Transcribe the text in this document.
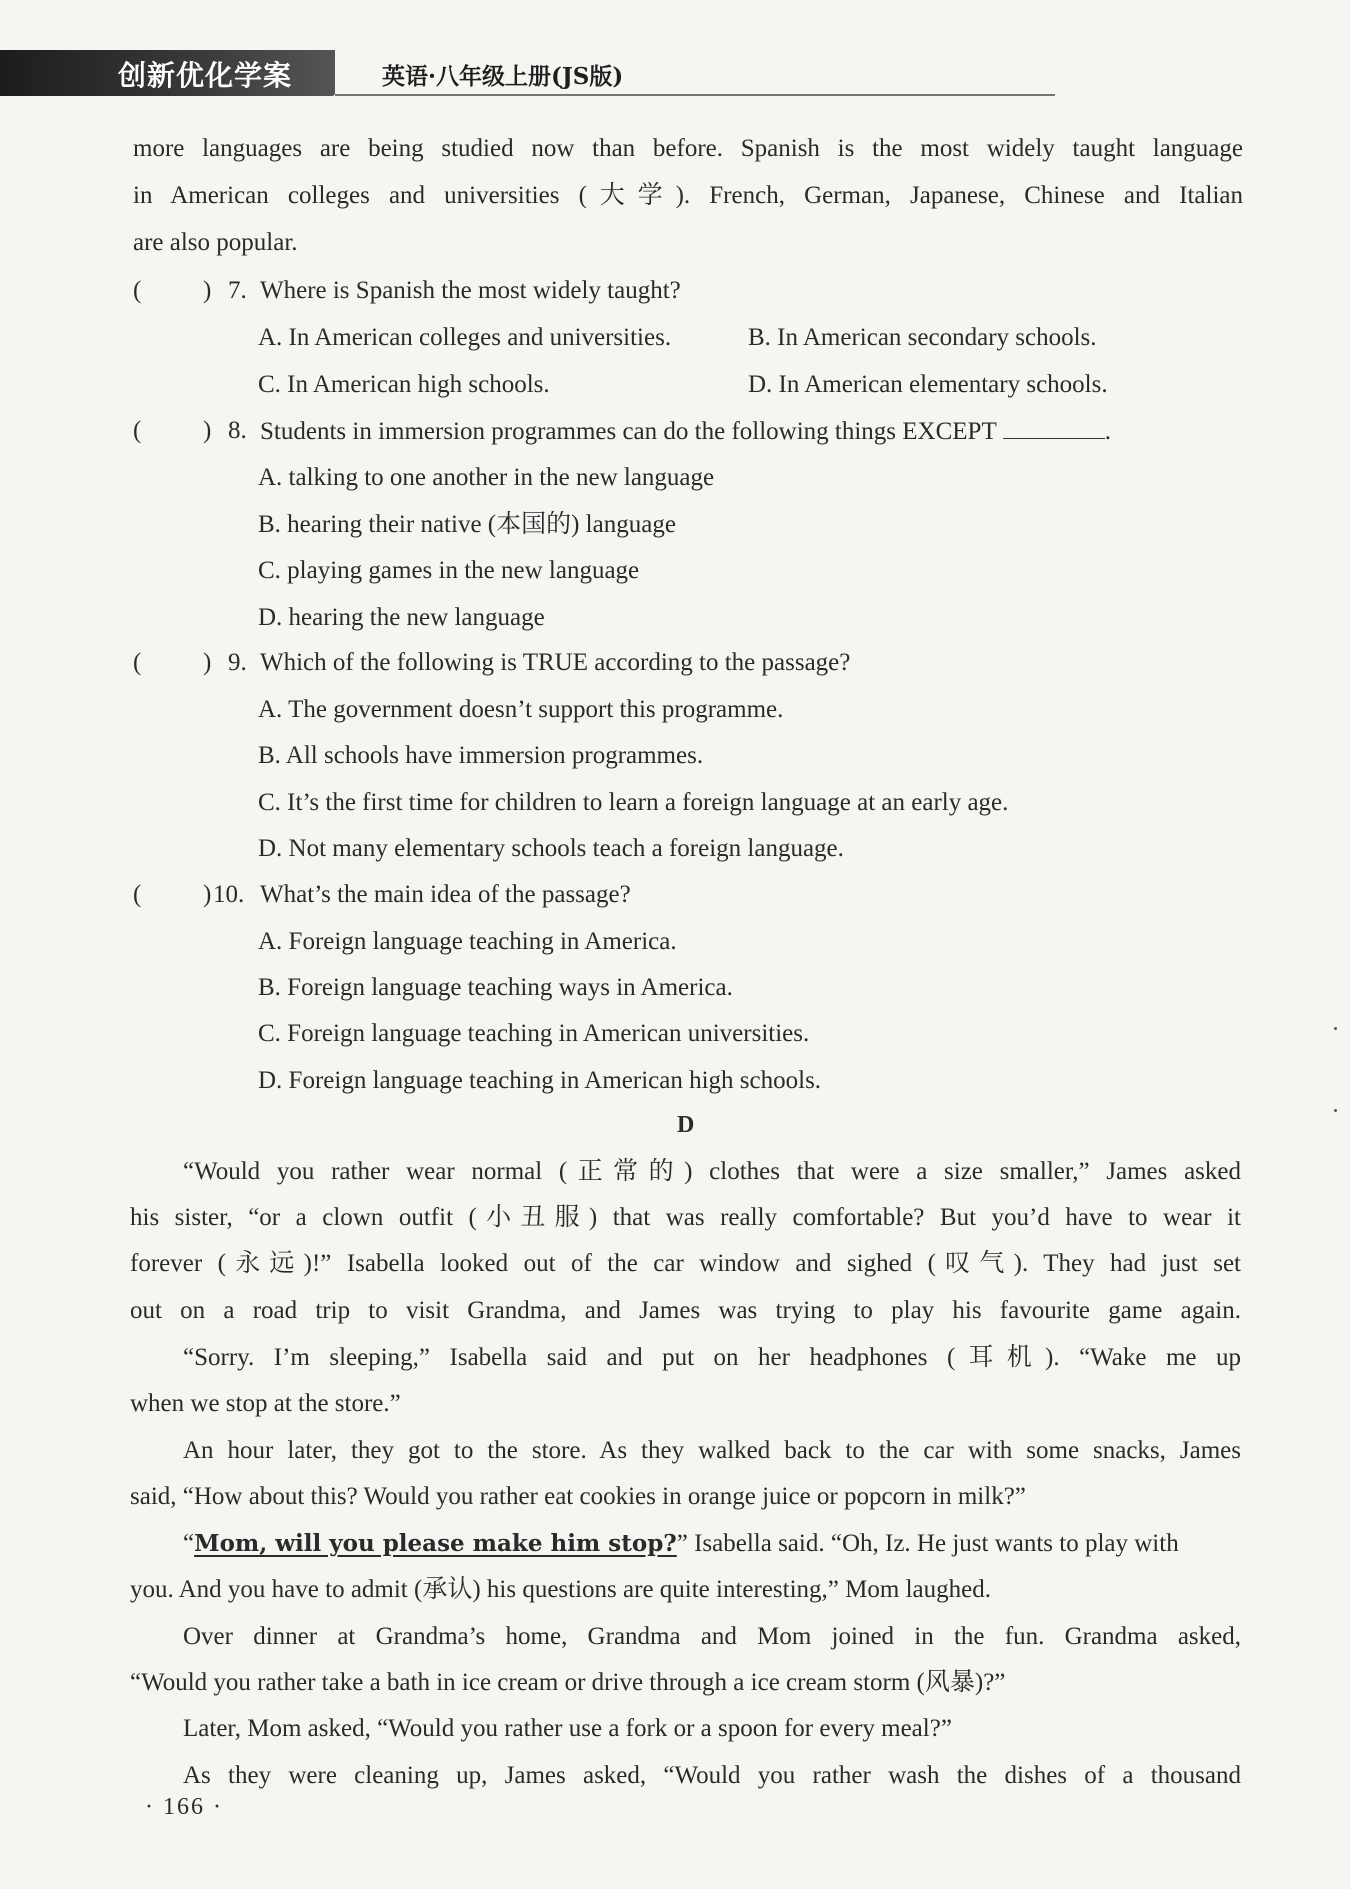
创新优化学案	英语·八年级上册(JS版)
more languages are being studied now than before. Spanish is the most widely taught language
in American colleges and universities (大学). French, German, Japanese, Chinese and Italian
are also popular.
( ) 7. Where is Spanish the most widely taught?
A. In American colleges and universities.	B. In American secondary schools.
C. In American high schools.	D. In American elementary schools.
( ) 8. Students in immersion programmes can do the following things EXCEPT	.
A. talking to one another in the new language
B. hearing their native (本国的) language
C. playing games in the new language
D. hearing the new language
( ) 9. Which of the following is TRUE according to the passage?
A. The government doesn’t support this programme.
B. All schools have immersion programmes.
C. It’s the first time for children to learn a foreign language at an early age.
D. Not many elementary schools teach a foreign language.
( ) 10. What’s the main idea of the passage?
A. Foreign language teaching in America.
B. Foreign language teaching ways in America.
C. Foreign language teaching in American universities.
D. Foreign language teaching in American high schools.
D
“Would you rather wear normal (正常的) clothes that were a size smaller,” James asked
his sister, “or a clown outfit (小丑服) that was really comfortable? But you’d have to wear it
forever (永远)!” Isabella looked out of the car window and sighed (叹气). They had just set
out on a road trip to visit Grandma, and James was trying to play his favourite game again.
“Sorry. I’m sleeping,” Isabella said and put on her headphones (耳机). “Wake me up
when we stop at the store.”
An hour later, they got to the store. As they walked back to the car with some snacks, James
said, “How about this? Would you rather eat cookies in orange juice or popcorn in milk?”
“Mom, will you please make him stop?” Isabella said. “Oh, Iz. He just wants to play with
you. And you have to admit (承认) his questions are quite interesting,” Mom laughed.
Over dinner at Grandma’s home, Grandma and Mom joined in the fun. Grandma asked,
“Would you rather take a bath in ice cream or drive through a ice cream storm (风暴)?”
Later, Mom asked, “Would you rather use a fork or a spoon for every meal?”
As they were cleaning up, James asked, “Would you rather wash the dishes of a thousand
· 166 ·
